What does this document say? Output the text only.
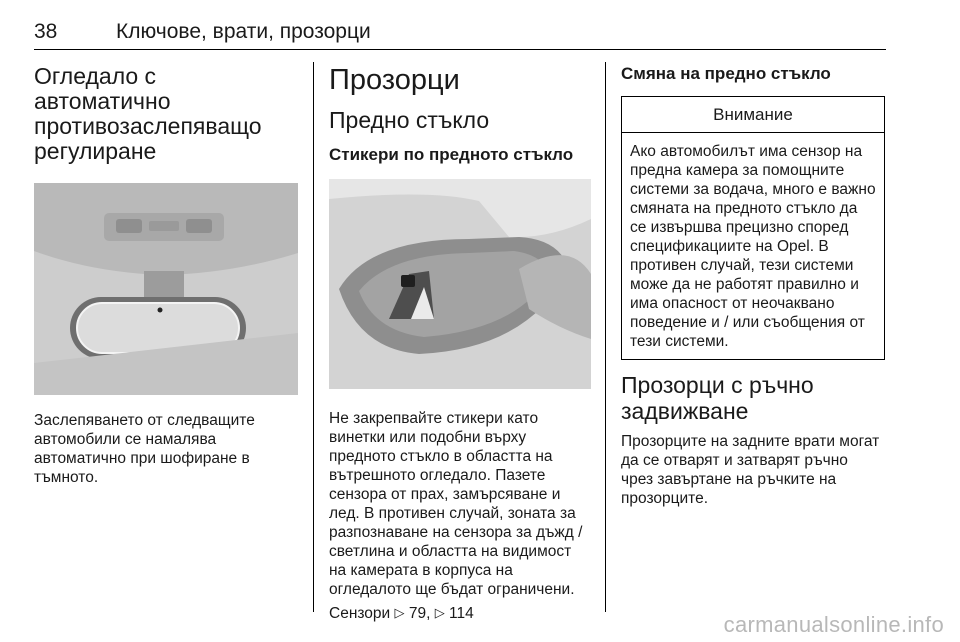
38	Ключове, врати, прозорци
Огледало с автоматично противозаслепяващо регулиране

Заслепяването от следващите автомобили се намалява автоматично при шофиране в тъмното.

Прозорци
Предно стъкло
Стикери по предното стъкло

Не закрепвайте стикери като винетки или подобни върху предното стъкло в областта на вътрешното огледало. Пазете сензора от прах, замърсяване и лед. В противен случай, зоната за разпознаване на сензора за дъжд / светлина и областта на видимост на камерата в корпуса на огледалото ще бъдат ограничени.

Сензори ▷ 79, ▷ 114

Смяна на предно стъкло
Внимание
Ако автомобилът има сензор на предна камера за помощните системи за водача, много е важно смяната на предното стъкло да се извършва прецизно според спецификациите на Opel. В противен случай, тези системи може да не работят правилно и има опасност от неочаквано поведение и / или съобщения от тези системи.
Прозорци с ръчно задвижване

Прозорците на задните врати могат да се отварят и затварят ръчно чрез завъртане на ръчките на прозорците.

carmanualsonline.info
